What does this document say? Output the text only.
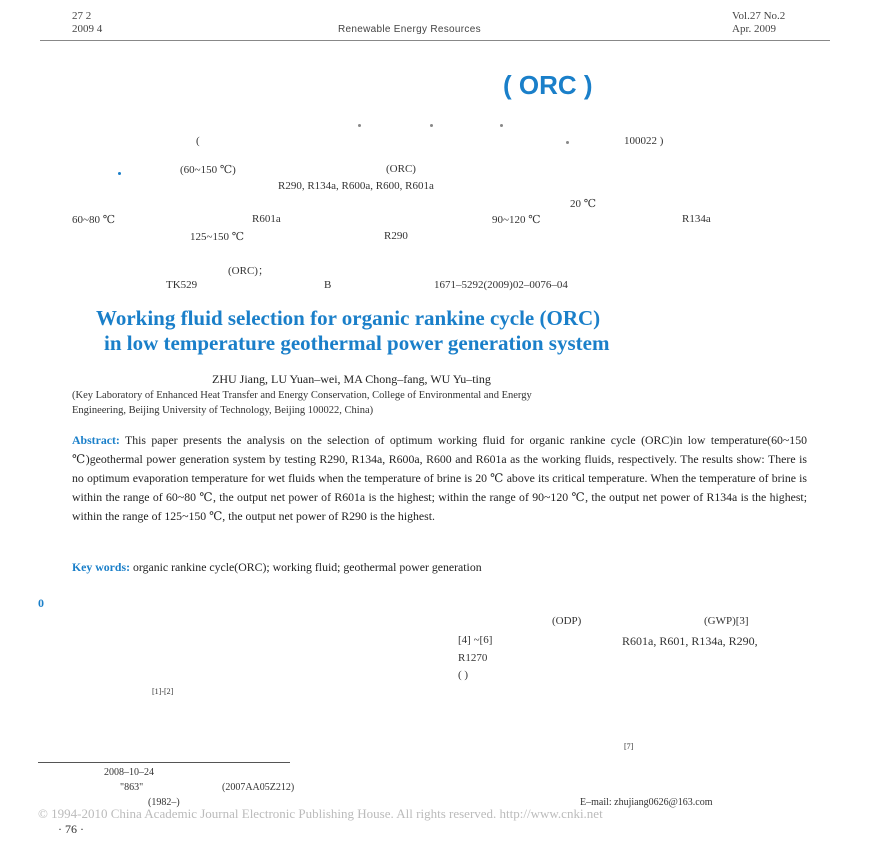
27 2
2009 4	Renewable Energy Resources
Vol.27 No.2
Apr. 2009
( ORC )
(	100022 )
(60~150 ℃)	(ORC)
R290, R134a, R600a, R600, R601a
20 ℃
60~80 ℃	R601a	90~120 ℃	R134a
125~150 ℃	R290
(ORC)；
TK529	B	1671–5292(2009)02–0076–04
Working fluid selection for organic rankine cycle (ORC)
in low temperature geothermal power generation system
ZHU Jiang, LU Yuan–wei, MA Chong–fang, WU Yu–ting
(Key Laboratory of Enhanced Heat Transfer and Energy Conservation, College of Environmental and Energy
Engineering, Beijing University of Technology, Beijing 100022, China)
Abstract: This paper presents the analysis on the selection of optimum working fluid for organic rankine cycle (ORC)in low temperature(60~150 ℃)geothermal power generation system by testing R290, R134a, R600a, R600 and R601a as the working fluids, respectively. The results show: There is no optimum evaporation temperature for wet fluids when the temperature of brine is 20 ℃ above its critical temperature. When the temperature of brine is within the range of 60~80 ℃, the output net power of R601a is the highest; within the range of 90~120 ℃, the output net power of R134a is the highest; within the range of 125~150 ℃, the output net power of R290 is the highest.
Key words: organic rankine cycle(ORC); working fluid; geothermal power generation
0
(ODP)	(GWP)[3]
[4] ~[6]	R601a, R601, R134a, R290,
R1270
( )
[1]-[2]
[7]
2008–10–24
"863"	(2007AA05Z212)
(1982–)	E–mail: zhujiang0626@163.com
© 1994-2010 China Academic Journal Electronic Publishing House. All rights reserved. http://www.cnki.net
· 76 ·
